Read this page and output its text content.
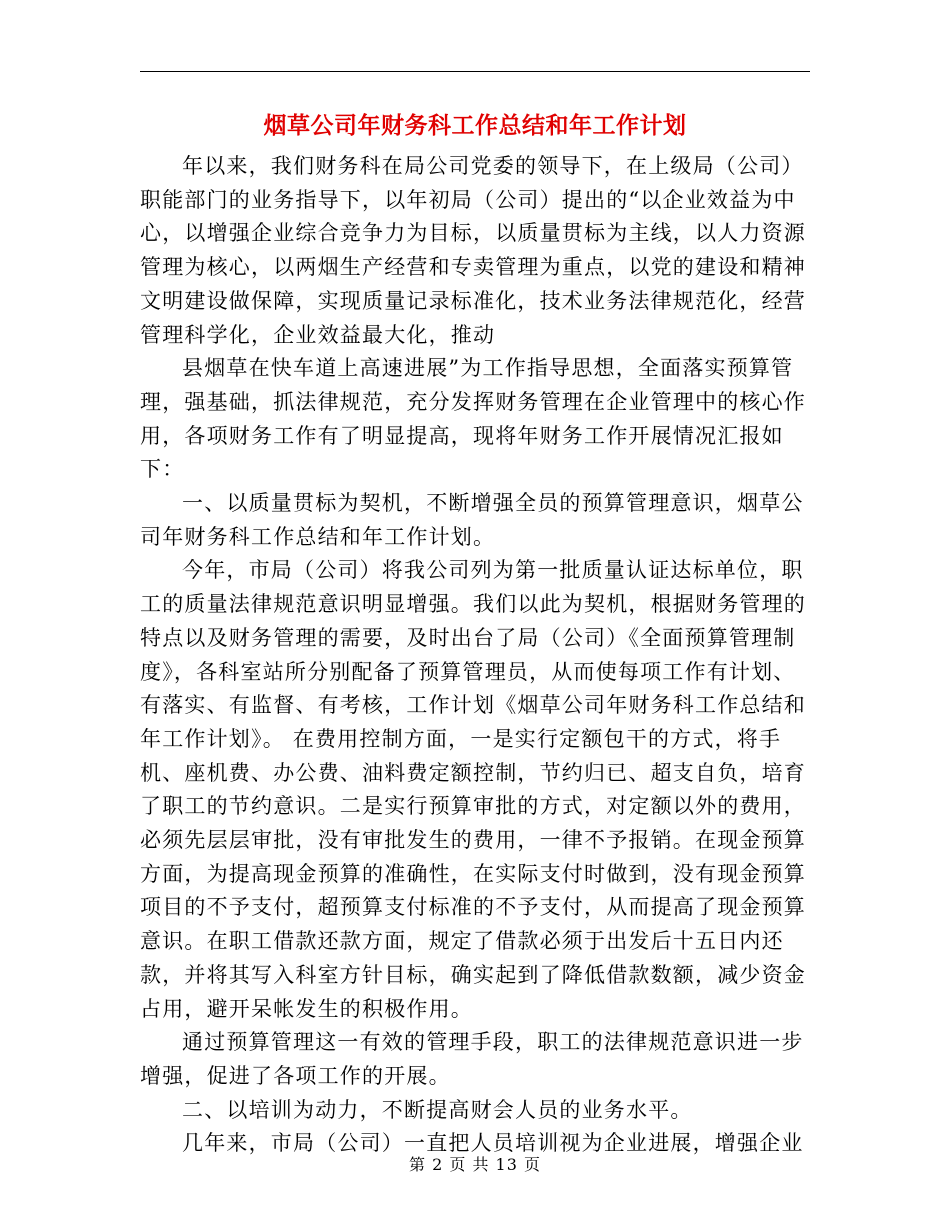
烟草公司年财务科工作总结和年工作计划

年以来，我们财务科在局公司党委的领导下，在上级局（公司）职能部门的业务指导下，以年初局（公司）提出的“以企业效益为中心，以增强企业综合竞争力为目标，以质量贯标为主线，以人力资源管理为核心，以两烟生产经营和专卖管理为重点，以党的建设和精神文明建设做保障，实现质量记录标准化，技术业务法律规范化，经营管理科学化，企业效益最大化，推动

县烟草在快车道上高速进展”为工作指导思想，全面落实预算管理，强基础，抓法律规范，充分发挥财务管理在企业管理中的核心作用，各项财务工作有了明显提高，现将年财务工作开展情况汇报如下：

一、以质量贯标为契机，不断增强全员的预算管理意识，烟草公司年财务科工作总结和年工作计划。

今年，市局（公司）将我公司列为第一批质量认证达标单位，职工的质量法律规范意识明显增强。我们以此为契机，根据财务管理的特点以及财务管理的需要，及时出台了局（公司）《全面预算管理制度》，各科室站所分别配备了预算管理员，从而使每项工作有计划、有落实、有监督、有考核，工作计划《烟草公司年财务科工作总结和年工作计划》。 在费用控制方面，一是实行定额包干的方式，将手机、座机费、办公费、油料费定额控制，节约归已、超支自负，培育了职工的节约意识。二是实行预算审批的方式，对定额以外的费用，必须先层层审批，没有审批发生的费用，一律不予报销。在现金预算方面，为提高现金预算的准确性，在实际支付时做到，没有现金预算项目的不予支付，超预算支付标准的不予支付，从而提高了现金预算意识。在职工借款还款方面，规定了借款必须于出发后十五日内还款，并将其写入科室方针目标，确实起到了降低借款数额，减少资金占用，避开呆帐发生的积极作用。

通过预算管理这一有效的管理手段，职工的法律规范意识进一步增强，促进了各项工作的开展。

二、以培训为动力，不断提高财会人员的业务水平。

几年来，市局（公司）一直把人员培训视为企业进展，增强企业

第 2 页 共 13 页
